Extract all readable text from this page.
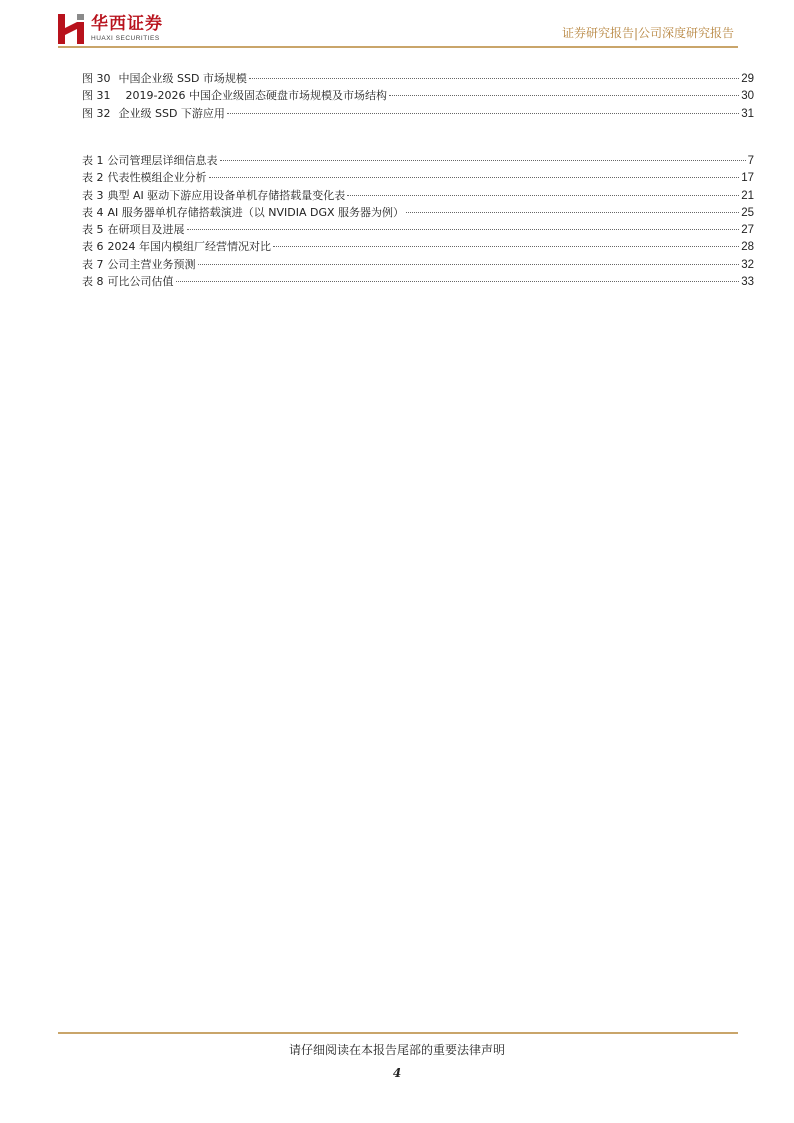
华西证券
HUAXI SECURITIES	证券研究报告|公司深度研究报告
图 30 中国企业级 SSD 市场规模	29
图 31 2019-2026 中国企业级固态硬盘市场规模及市场结构	30
图 32 企业级 SSD 下游应用	31
表 1 公司管理层详细信息表	7
表 2 代表性模组企业分析	17
表 3 典型 AI 驱动下游应用设备单机存储搭载量变化表	21
表 4 AI 服务器单机存储搭载演进（以 NVIDIA DGX 服务器为例）	25
表 5 在研项目及进展	27
表 6 2024 年国内模组厂经营情况对比	28
表 7 公司主营业务预测	32
表 8 可比公司估值	33
请仔细阅读在本报告尾部的重要法律声明
4
